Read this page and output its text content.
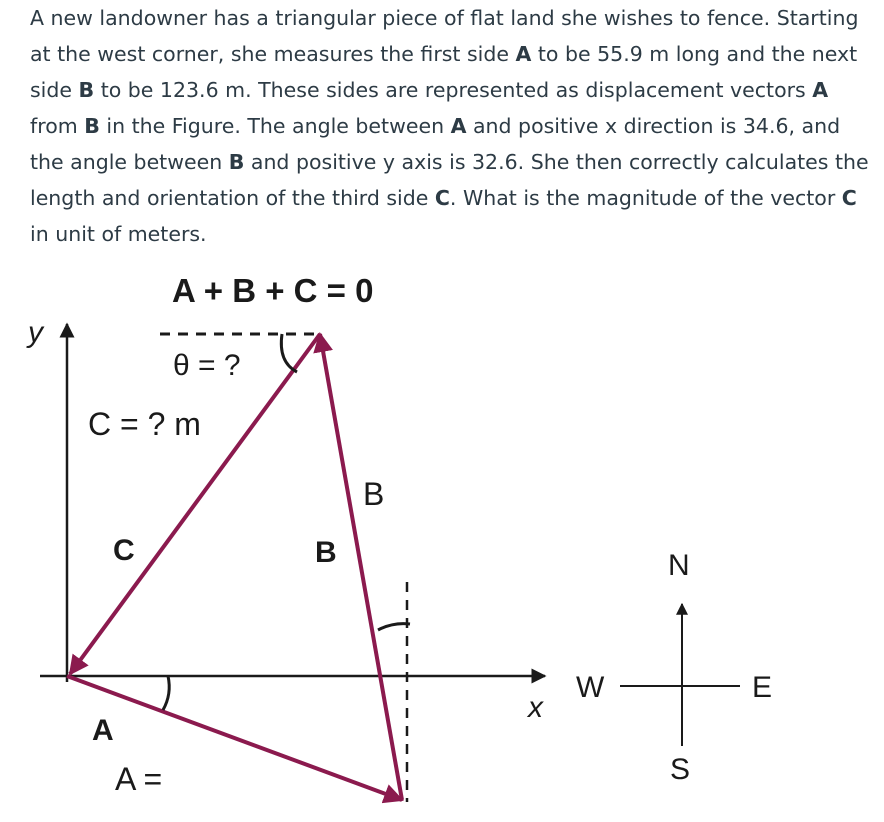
A new landowner has a triangular piece of flat land she wishes to fence. Starting at the west corner, she measures the first side A to be 55.9 m long and the next side B to be 123.6 m. These sides are represented as displacement vectors A from B in the Figure. The angle between A and positive x direction is 34.6, and the angle between B and positive y axis is 32.6. She then correctly calculates the length and orientation of the third side C. What is the magnitude of the vector C in unit of meters.
A + B + C = 0
y
x
θ = ?
C = ? m
C	B
B
A
A =
N
S
E
W
